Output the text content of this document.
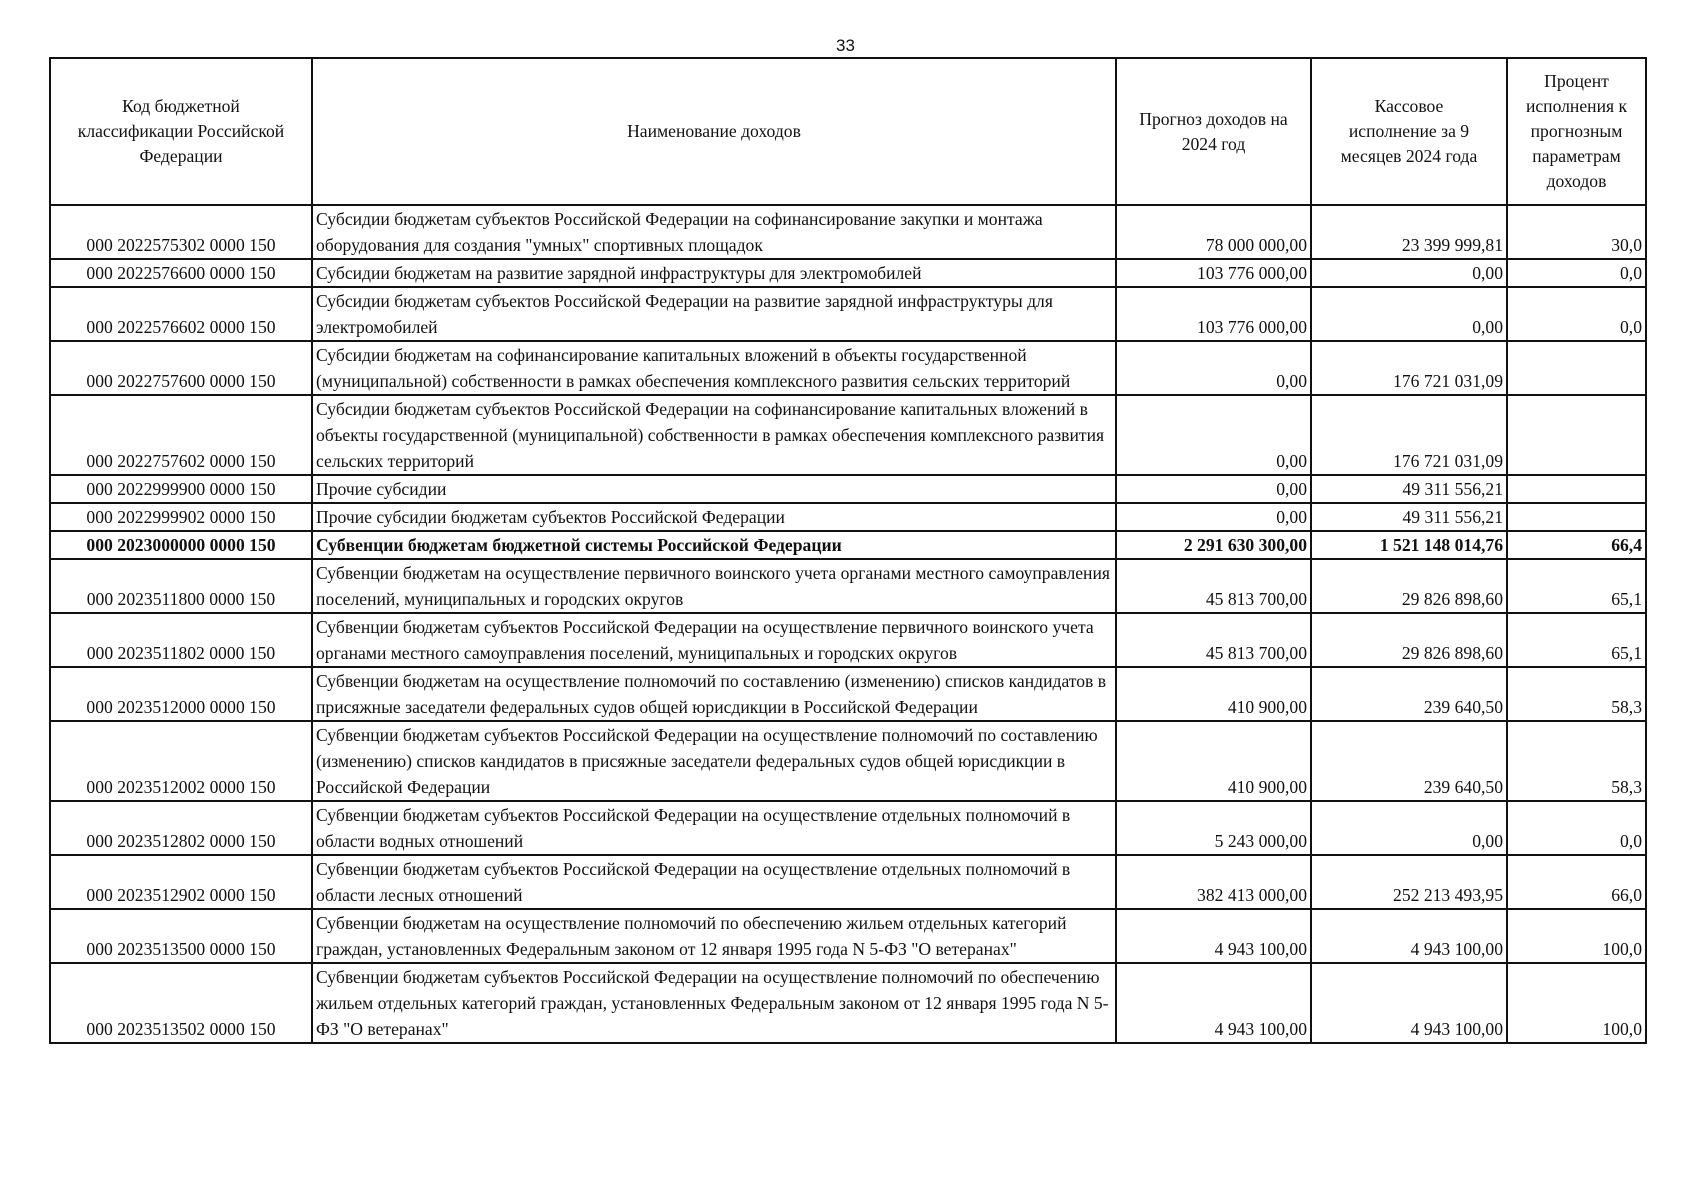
33
Код бюджетной классификации Российской Федерации	Наименование доходов	Прогноз доходов на 2024 год	Кассовое исполнение за 9 месяцев 2024 года	Процент исполнения к прогнозным параметрам доходов
000 2022575302 0000 150	Субсидии бюджетам субъектов Российской Федерации на софинансирование закупки и монтажа оборудования для создания "умных" спортивных площадок	78 000 000,00	23 399 999,81	30,0
000 2022576600 0000 150	Субсидии бюджетам на развитие зарядной инфраструктуры для электромобилей	103 776 000,00	0,00	0,0
000 2022576602 0000 150	Субсидии бюджетам субъектов Российской Федерации на развитие зарядной инфраструктуры для электромобилей	103 776 000,00	0,00	0,0
000 2022757600 0000 150	Субсидии бюджетам на софинансирование капитальных вложений в объекты государственной (муниципальной) собственности в рамках обеспечения комплексного развития сельских территорий	0,00	176 721 031,09	
000 2022757602 0000 150	Субсидии бюджетам субъектов Российской Федерации на софинансирование капитальных вложений в объекты государственной (муниципальной) собственности в рамках обеспечения комплексного развития сельских территорий	0,00	176 721 031,09	
000 2022999900 0000 150	Прочие субсидии	0,00	49 311 556,21	
000 2022999902 0000 150	Прочие субсидии бюджетам субъектов Российской Федерации	0,00	49 311 556,21	
000 2023000000 0000 150	Субвенции бюджетам бюджетной системы Российской Федерации	2 291 630 300,00	1 521 148 014,76	66,4
000 2023511800 0000 150	Субвенции бюджетам на осуществление первичного воинского учета органами местного самоуправления поселений, муниципальных и городских округов	45 813 700,00	29 826 898,60	65,1
000 2023511802 0000 150	Субвенции бюджетам субъектов Российской Федерации на осуществление первичного воинского учета органами местного самоуправления поселений, муниципальных и городских округов	45 813 700,00	29 826 898,60	65,1
000 2023512000 0000 150	Субвенции бюджетам на осуществление полномочий по составлению (изменению) списков кандидатов в присяжные заседатели федеральных судов общей юрисдикции в Российской Федерации	410 900,00	239 640,50	58,3
000 2023512002 0000 150	Субвенции бюджетам субъектов Российской Федерации на осуществление полномочий по составлению (изменению) списков кандидатов в присяжные заседатели федеральных судов общей юрисдикции в Российской Федерации	410 900,00	239 640,50	58,3
000 2023512802 0000 150	Субвенции бюджетам субъектов Российской Федерации на осуществление отдельных полномочий в области водных отношений	5 243 000,00	0,00	0,0
000 2023512902 0000 150	Субвенции бюджетам субъектов Российской Федерации на осуществление отдельных полномочий в области лесных отношений	382 413 000,00	252 213 493,95	66,0
000 2023513500 0000 150	Субвенции бюджетам на осуществление полномочий по обеспечению жильем отдельных категорий граждан, установленных Федеральным законом от 12 января 1995 года N 5-ФЗ "О ветеранах"	4 943 100,00	4 943 100,00	100,0
000 2023513502 0000 150	Субвенции бюджетам субъектов Российской Федерации на осуществление полномочий по обеспечению жильем отдельных категорий граждан, установленных Федеральным законом от 12 января 1995 года N 5-ФЗ "О ветеранах"	4 943 100,00	4 943 100,00	100,0
